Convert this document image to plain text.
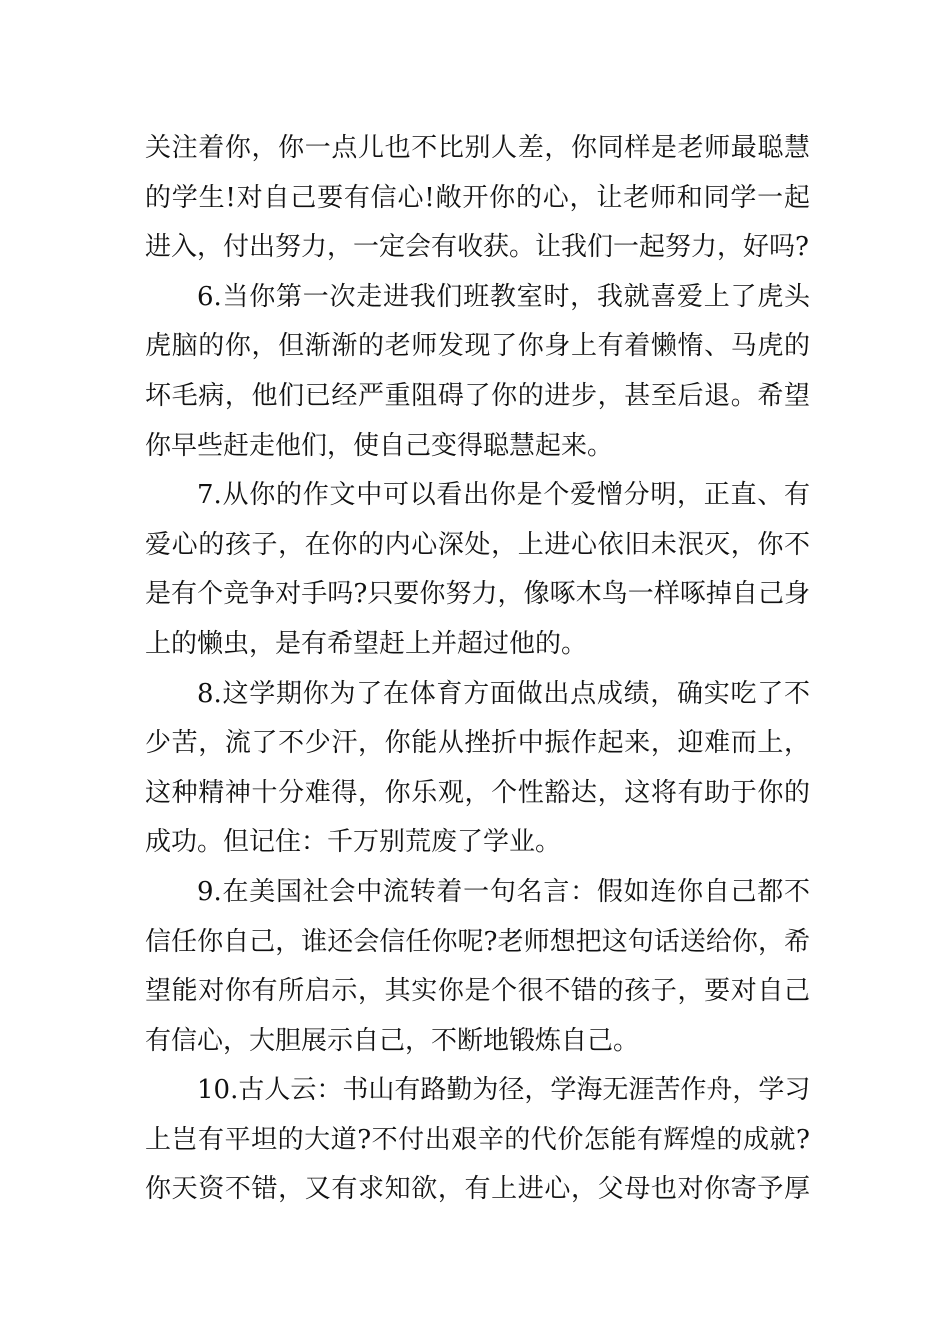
关注着你，你一点儿也不比别人差，你同样是老师最聪慧
的学生!对自己要有信心!敞开你的心，让老师和同学一起
进入，付出努力，一定会有收获。让我们一起努力，好吗?
6.当你第一次走进我们班教室时，我就喜爱上了虎头
虎脑的你，但渐渐的老师发现了你身上有着懒惰、马虎的
坏毛病，他们已经严重阻碍了你的进步，甚至后退。希望
你早些赶走他们，使自己变得聪慧起来。
7.从你的作文中可以看出你是个爱憎分明，正直、有
爱心的孩子，在你的内心深处，上进心依旧未泯灭，你不
是有个竞争对手吗?只要你努力，像啄木鸟一样啄掉自己身
上的懒虫，是有希望赶上并超过他的。
8.这学期你为了在体育方面做出点成绩，确实吃了不
少苦，流了不少汗，你能从挫折中振作起来，迎难而上，
这种精神十分难得，你乐观，个性豁达，这将有助于你的
成功。但记住：千万别荒废了学业。
9.在美国社会中流转着一句名言：假如连你自己都不
信任你自己，谁还会信任你呢?老师想把这句话送给你，希
望能对你有所启示，其实你是个很不错的孩子，要对自己
有信心，大胆展示自己，不断地锻炼自己。
10.古人云：书山有路勤为径，学海无涯苦作舟，学习
上岂有平坦的大道?不付出艰辛的代价怎能有辉煌的成就?
你天资不错，又有求知欲，有上进心，父母也对你寄予厚
